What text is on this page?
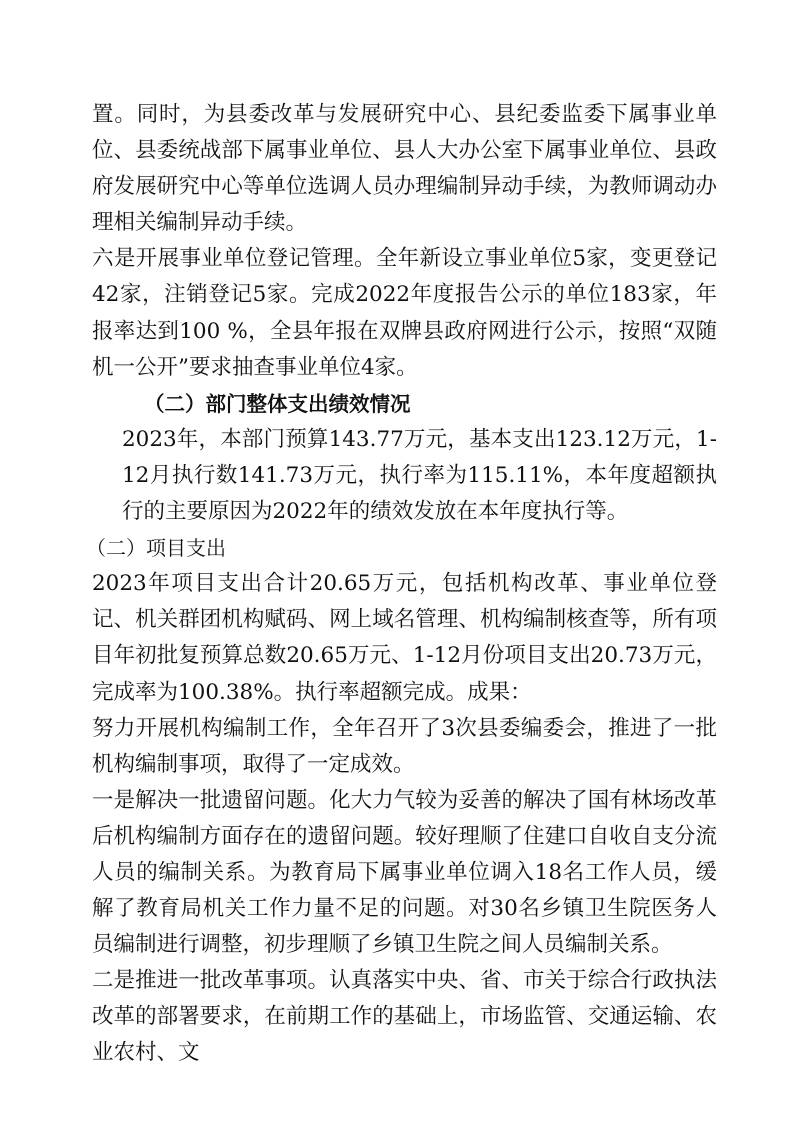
置。同时，为县委改革与发展研究中心、县纪委监委下属事业单位、县委统战部下属事业单位、县人大办公室下属事业单位、县政府发展研究中心等单位选调人员办理编制异动手续，为教师调动办理相关编制异动手续。

六是开展事业单位登记管理。全年新设立事业单位5家，变更登记42家，注销登记5家。完成2022年度报告公示的单位183家，年报率达到100 %，全县年报在双牌县政府网进行公示，按照“双随机一公开”要求抽查事业单位4家。

（二）部门整体支出绩效情况

2023年，本部门预算143.77万元，基本支出123.12万元，1-12月执行数141.73万元，执行率为115.11%，本年度超额执行的主要原因为2022年的绩效发放在本年度执行等。

（二）项目支出

2023年项目支出合计20.65万元，包括机构改革、事业单位登记、机关群团机构赋码、网上域名管理、机构编制核查等，所有项目年初批复预算总数20.65万元、1-12月份项目支出20.73万元，完成率为100.38%。执行率超额完成。成果：

努力开展机构编制工作，全年召开了3次县委编委会，推进了一批机构编制事项，取得了一定成效。

一是解决一批遗留问题。化大力气较为妥善的解决了国有林场改革后机构编制方面存在的遗留问题。较好理顺了住建口自收自支分流人员的编制关系。为教育局下属事业单位调入18名工作人员，缓解了教育局机关工作力量不足的问题。对30名乡镇卫生院医务人员编制进行调整，初步理顺了乡镇卫生院之间人员编制关系。

二是推进一批改革事项。认真落实中央、省、市关于综合行政执法改革的部署要求，在前期工作的基础上，市场监管、交通运输、农业农村、文
